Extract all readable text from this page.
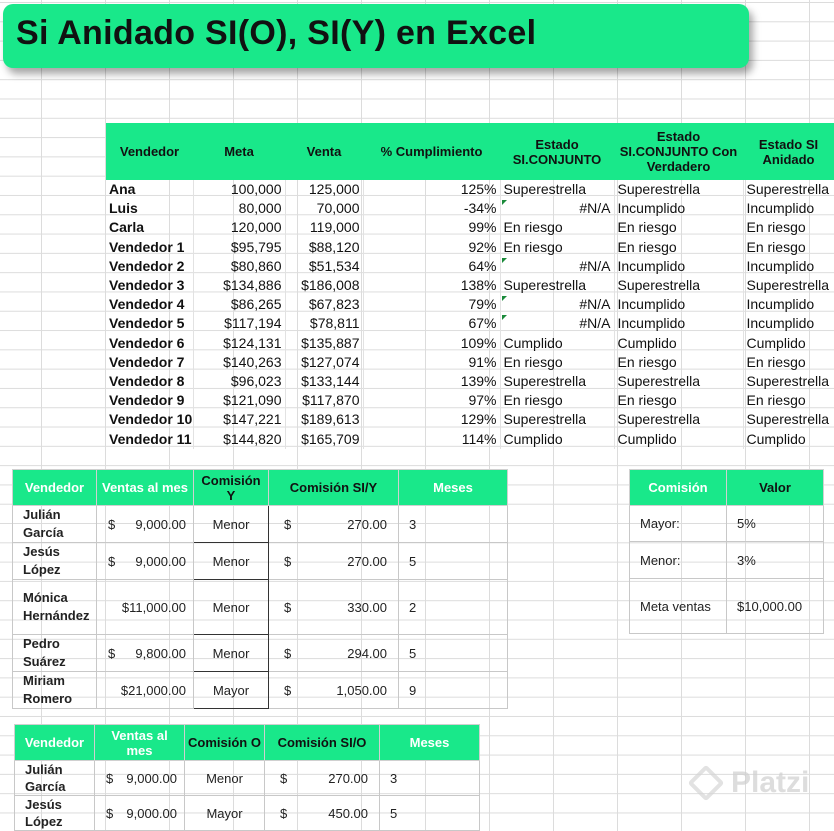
Si Anidado SI(O), SI(Y) en Excel
Vendedor	Meta	Venta	% Cumplimiento	Estado SI.CONJUNTO	Estado SI.CONJUNTO Con Verdadero	Estado SI Anidado
Ana	100,000	125,000	125%	Superestrella	Superestrella	Superestrella
Luis	80,000	70,000	-34%	#N/A	Incumplido	Incumplido
Carla	120,000	119,000	99%	En riesgo	En riesgo	En riesgo
Vendedor 1	$95,795	$88,120	92%	En riesgo	En riesgo	En riesgo
Vendedor 2	$80,860	$51,534	64%	#N/A	Incumplido	Incumplido
Vendedor 3	$134,886	$186,008	138%	Superestrella	Superestrella	Superestrella
Vendedor 4	$86,265	$67,823	79%	#N/A	Incumplido	Incumplido
Vendedor 5	$117,194	$78,811	67%	#N/A	Incumplido	Incumplido
Vendedor 6	$124,131	$135,887	109%	Cumplido	Cumplido	Cumplido
Vendedor 7	$140,263	$127,074	91%	En riesgo	En riesgo	En riesgo
Vendedor 8	$96,023	$133,144	139%	Superestrella	Superestrella	Superestrella
Vendedor 9	$121,090	$117,870	97%	En riesgo	En riesgo	En riesgo
Vendedor 10	$147,221	$189,613	129%	Superestrella	Superestrella	Superestrella
Vendedor 11	$144,820	$165,709	114%	Cumplido	Cumplido	Cumplido
Vendedor	Ventas al mes	Comisión Y	Comisión SI/Y	Meses
Julián García	$ 9,000.00	Menor	$ 270.00	3
Jesús López	$ 9,000.00	Menor	$ 270.00	5
Mónica Hernández	$11,000.00	Menor	$ 330.00	2
Pedro Suárez	$ 9,800.00	Menor	$ 294.00	5
Miriam Romero	$21,000.00	Mayor	$ 1,050.00	9
Comisión	Valor
Mayor:	5%
Menor:	3%
Meta ventas	$10,000.00
Vendedor	Ventas al mes	Comisión O	Comisión SI/O	Meses
Julián García	$ 9,000.00	Menor	$ 270.00	3
Jesús López	$ 9,000.00	Mayor	$ 450.00	5
Platzi
